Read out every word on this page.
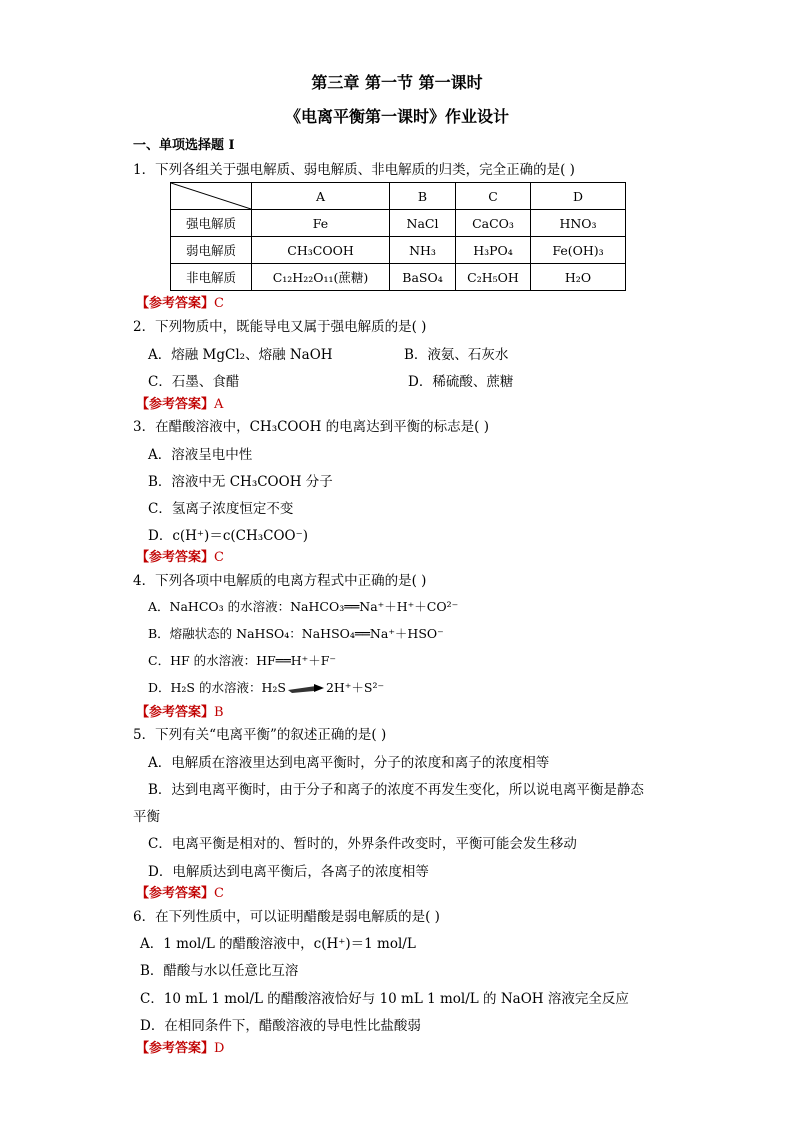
第三章 第一节 第一课时
《电离平衡第一课时》作业设计
一、单项选择题 I
1．下列各组关于强电解质、弱电解质、非电解质的归类，完全正确的是( )
	A	B	C	D
强电解质	Fe	NaCl	CaCO₃	HNO₃
弱电解质	CH₃COOH	NH₃	H₃PO₄	Fe(OH)₃
非电解质	C₁₂H₂₂O₁₁(蔗糖)	BaSO₄	C₂H₅OH	H₂O
【参考答案】C
2．下列物质中，既能导电又属于强电解质的是( )
A．熔融 MgCl₂、熔融 NaOH	B．液氨、石灰水
C．石墨、食醋	D．稀硫酸、蔗糖
【参考答案】A
3．在醋酸溶液中，CH₃COOH 的电离达到平衡的标志是( )
A．溶液呈电中性
B．溶液中无 CH₃COOH 分子
C．氢离子浓度恒定不变
D．c(H⁺)＝c(CH₃COO⁻)
【参考答案】C
4．下列各项中电解质的电离方程式中正确的是( )
A．NaHCO₃ 的水溶液：NaHCO₃══Na⁺＋H⁺＋CO²⁻
B．熔融状态的 NaHSO₄：NaHSO₄══Na⁺＋HSO⁻
C．HF 的水溶液：HF══H⁺＋F⁻
D．H₂S 的水溶液：H₂S	2H⁺＋S²⁻
【参考答案】B
5．下列有关“电离平衡”的叙述正确的是( )
A．电解质在溶液里达到电离平衡时，分子的浓度和离子的浓度相等
B．达到电离平衡时，由于分子和离子的浓度不再发生变化，所以说电离平衡是静态
平衡
C．电离平衡是相对的、暂时的，外界条件改变时，平衡可能会发生移动
D．电解质达到电离平衡后，各离子的浓度相等
【参考答案】C
6．在下列性质中，可以证明醋酸是弱电解质的是( )
A．1 mol/L 的醋酸溶液中，c(H⁺)＝1 mol/L
B．醋酸与水以任意比互溶
C．10 mL 1 mol/L 的醋酸溶液恰好与 10 mL 1 mol/L 的 NaOH 溶液完全反应
D．在相同条件下，醋酸溶液的导电性比盐酸弱
【参考答案】D
